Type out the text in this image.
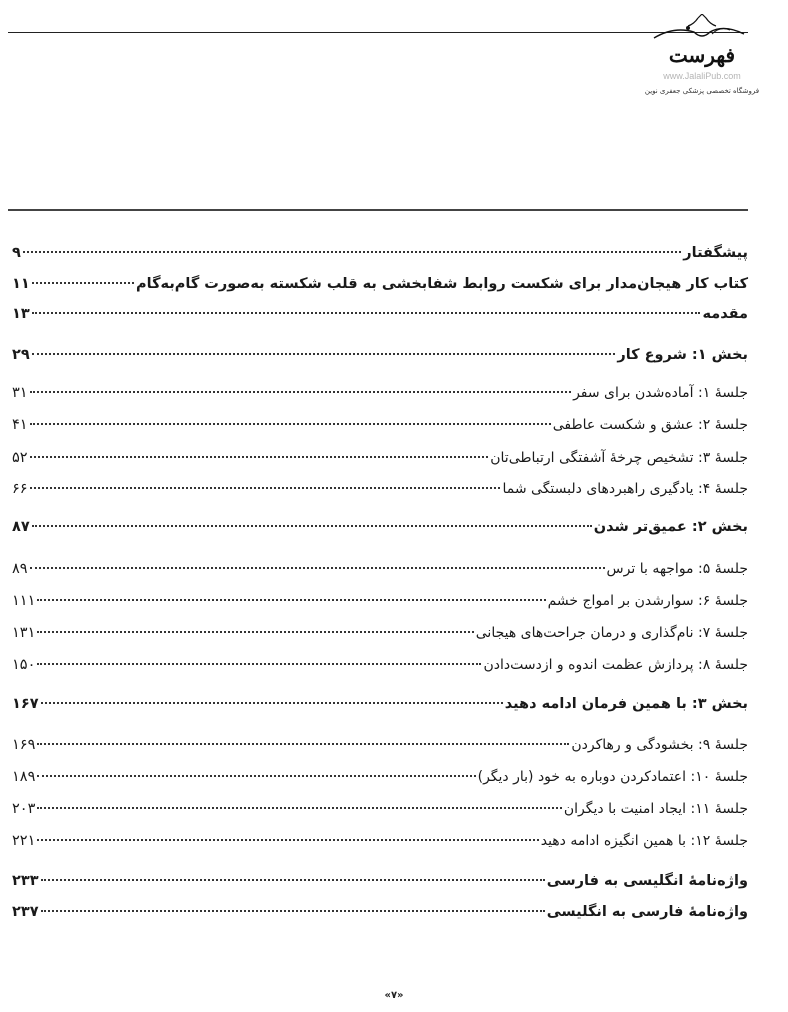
فهرست
www.JalaliPub.com
فروشگاه تخصصی پزشکی جعفری نوین
پیشگفتار
۹
کتاب کار هیجان‌مدار برای شکست روابط شفابخشی به قلب شکسته به‌صورت گام‌به‌گام
۱۱
مقدمه
۱۳
بخش ۱: شروع کار
۲۹
جلسهٔ ۱: آماده‌شدن برای سفر
۳۱
جلسهٔ ۲: عشق و شکست عاطفی
۴۱
جلسهٔ ۳: تشخیص چرخهٔ آشفتگی ارتباطی‌تان
۵۲
جلسهٔ ۴: یادگیری راهبردهای دلبستگی شما
۶۶
بخش ۲: عمیق‌تر شدن
۸۷
جلسهٔ ۵: مواجهه با ترس
۸۹
جلسهٔ ۶: سوارشدن بر امواج خشم
۱۱۱
جلسهٔ ۷: نام‌گذاری و درمان جراحت‌های هیجانی
۱۳۱
جلسهٔ ۸: پردازش عظمت اندوه و ازدست‌دادن
۱۵۰
بخش ۳: با همین فرمان ادامه دهید
۱۶۷
جلسهٔ ۹: بخشودگی و رهاکردن
۱۶۹
جلسهٔ ۱۰: اعتمادکردن دوباره به خود (بار دیگر)
۱۸۹
جلسهٔ ۱۱: ایجاد امنیت با دیگران
۲۰۳
جلسهٔ ۱۲: با همین انگیزه ادامه دهید
۲۲۱
واژه‌نامهٔ انگلیسی به فارسی
۲۳۳
واژه‌نامهٔ فارسی به انگلیسی
۲۳۷
«۷»
